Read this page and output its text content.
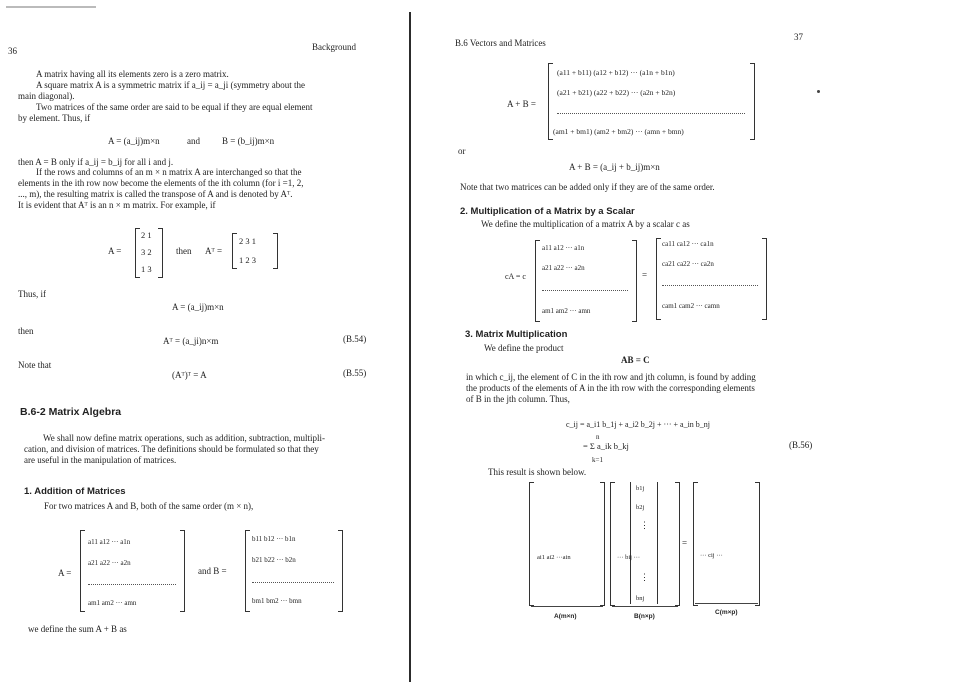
36	Background
A matrix having all its elements zero is a zero matrix.
A square matrix A is a symmetric matrix if a_ij = a_ji (symmetry about the
main diagonal).
Two matrices of the same order are said to be equal if they are equal element
by element. Thus, if
A = (a_ij)m×n	and B = (b_ij)m×n
then A = B only if a_ij = b_ij for all i and j.
If the rows and columns of an m × n matrix A are interchanged so that the
elements in the ith row now become the elements of the ith column (for i =1, 2,
..., m), the resulting matrix is called the transpose of A and is denoted by Aᵀ.
It is evident that Aᵀ is an n × m matrix. For example, if
A =
2 1
3 2
1 3
then Aᵀ =
2 3 1
1 2 3
Thus, if
A = (a_ij)m×n
then
Aᵀ = (a_ji)n×m	(B.54)
Note that
(Aᵀ)ᵀ = A	(B.55)
B.6-2 Matrix Algebra
We shall now define matrix operations, such as addition, subtraction, multipli-
cation, and division of matrices. The definitions should be formulated so that they
are useful in the manipulation of matrices.
1. Addition of Matrices
For two matrices A and B, both of the same order (m × n),
A =
a11 a12 ··· a1n
a21 a22 ··· a2n
am1 am2 ··· amn
and B =
b11 b12 ··· b1n
b21 b22 ··· b2n
bm1 bm2 ··· bmn
we define the sum A + B as
37
B.6 Vectors and Matrices
A + B =
(a11 + b11) (a12 + b12) ··· (a1n + b1n)
(a21 + b21) (a22 + b22) ··· (a2n + b2n)
(am1 + bm1) (am2 + bm2) ··· (amn + bmn)
or
A + B = (a_ij + b_ij)m×n
Note that two matrices can be added only if they are of the same order.
2. Multiplication of a Matrix by a Scalar
We define the multiplication of a matrix A by a scalar c as
cA = c
a11 a12 ··· a1n
a21 a22 ··· a2n
am1 am2 ··· amn
=
ca11 ca12 ··· ca1n
ca21 ca22 ··· ca2n
cam1 cam2 ··· camn
3. Matrix Multiplication
We define the product
AB = C
in which c_ij, the element of C in the ith row and jth column, is found by adding
the products of the elements of A in the ith row with the corresponding elements
of B in the jth column. Thus,
c_ij = a_i1 b_1j + a_i2 b_2j + ··· + a_in b_nj
n
= Σ a_ik b_kj
k=1
(B.56)
This result is shown below.
ai1 ai2 ···ain
b1j
b2j
⋮
··· bij ···
⋮
bnj
=
··· cij ···
A(m×n)	B(n×p)
C(m×p)
